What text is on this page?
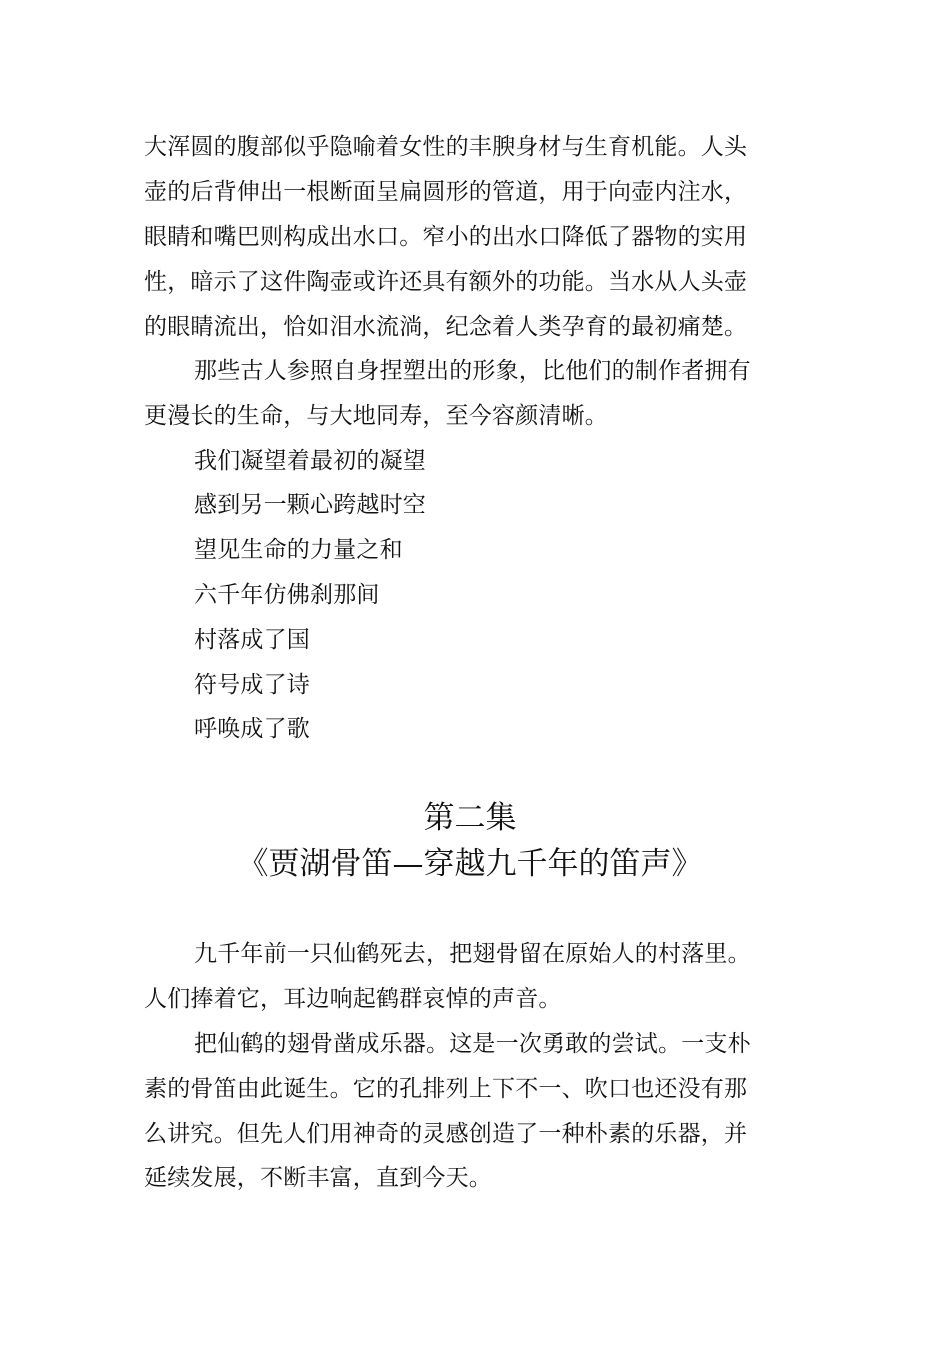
大浑圆的腹部似乎隐喻着女性的丰腴身材与生育机能。人头
壶的后背伸出一根断面呈扁圆形的管道，用于向壶内注水，
眼睛和嘴巴则构成出水口。窄小的出水口降低了器物的实用
性，暗示了这件陶壶或许还具有额外的功能。当水从人头壶
的眼睛流出，恰如泪水流淌，纪念着人类孕育的最初痛楚。
那些古人参照自身捏塑出的形象，比他们的制作者拥有
更漫长的生命，与大地同寿，至今容颜清晰。
我们凝望着最初的凝望
感到另一颗心跨越时空
望见生命的力量之和
六千年仿佛刹那间
村落成了国
符号成了诗
呼唤成了歌
第二集
《贾湖骨笛—穿越九千年的笛声》
九千年前一只仙鹤死去，把翅骨留在原始人的村落里。
人们捧着它，耳边响起鹤群哀悼的声音。
把仙鹤的翅骨凿成乐器。这是一次勇敢的尝试。一支朴
素的骨笛由此诞生。它的孔排列上下不一、吹口也还没有那
么讲究。但先人们用神奇的灵感创造了一种朴素的乐器，并
延续发展，不断丰富，直到今天。
